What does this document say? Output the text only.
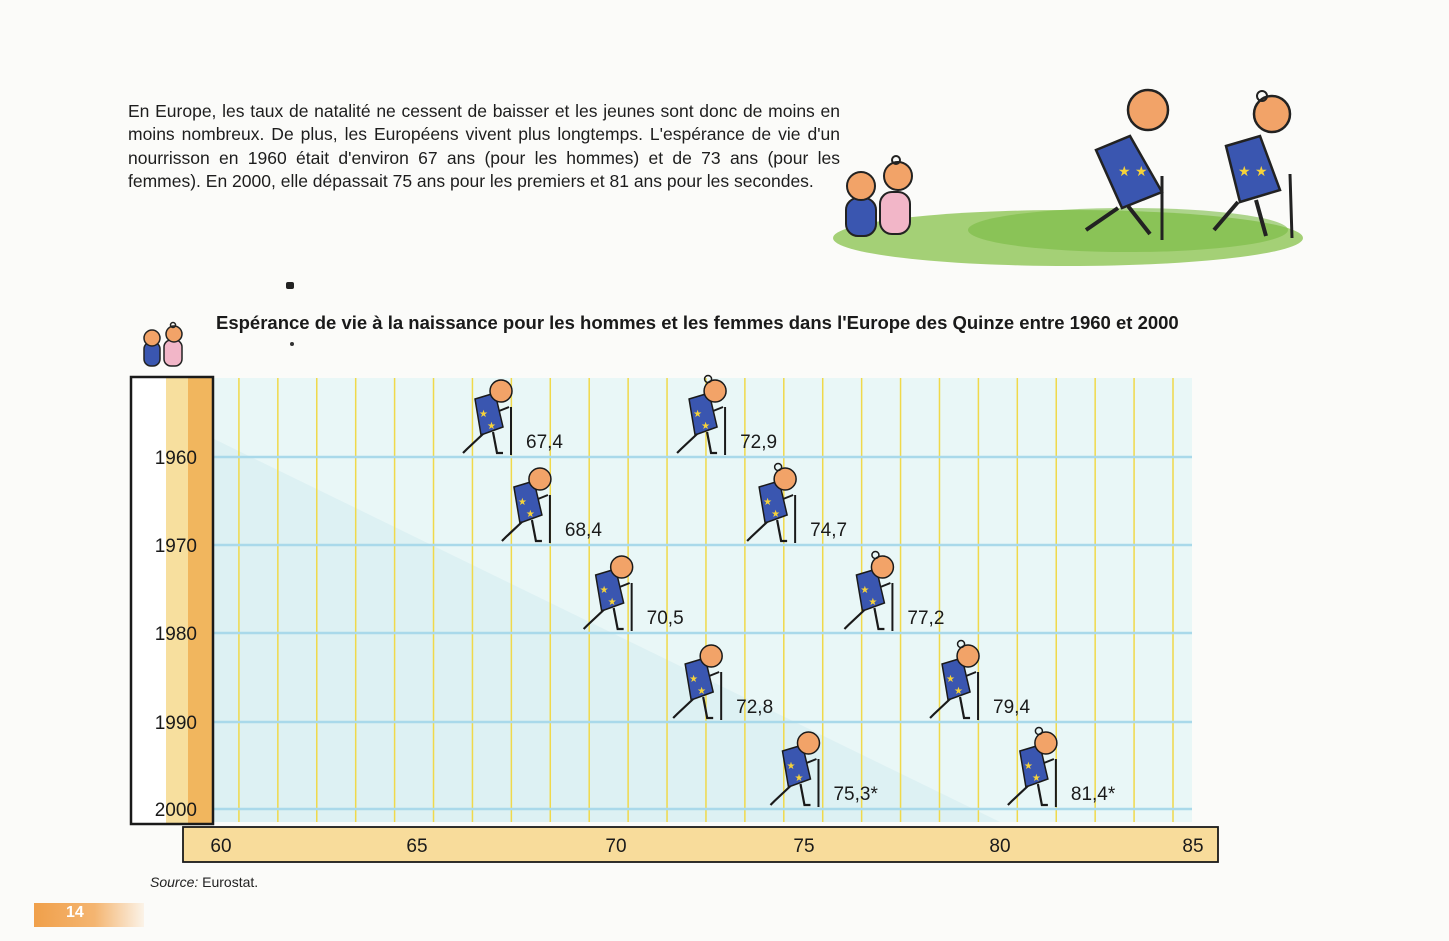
En Europe, les taux de natalité ne cessent de baisser et les jeunes sont donc de moins en moins nombreux. De plus, les Européens vivent plus longtemps. L'espérance de vie d'un nourrisson en 1960 était d'environ 67 ans (pour les hommes) et de 73 ans (pour les femmes). En 2000, elle dépassait 75 ans pour les premiers et 81 ans pour les secondes.	★ ★	★ ★
Espérance de vie à la naissance pour les hommes et les femmes dans l'Europe des Quinze entre 1960 et 2000
1960
1970
1980
1990
2000
60	65	70	75	80	85
★
★
67,4
★
★
68,4
★
★
70,5
★
★
72,8
★
★
75,3*
★
★
72,9
★
★
74,7
★
★
77,2
★
★
79,4
★
★
81,4*
Source: Eurostat.
14
